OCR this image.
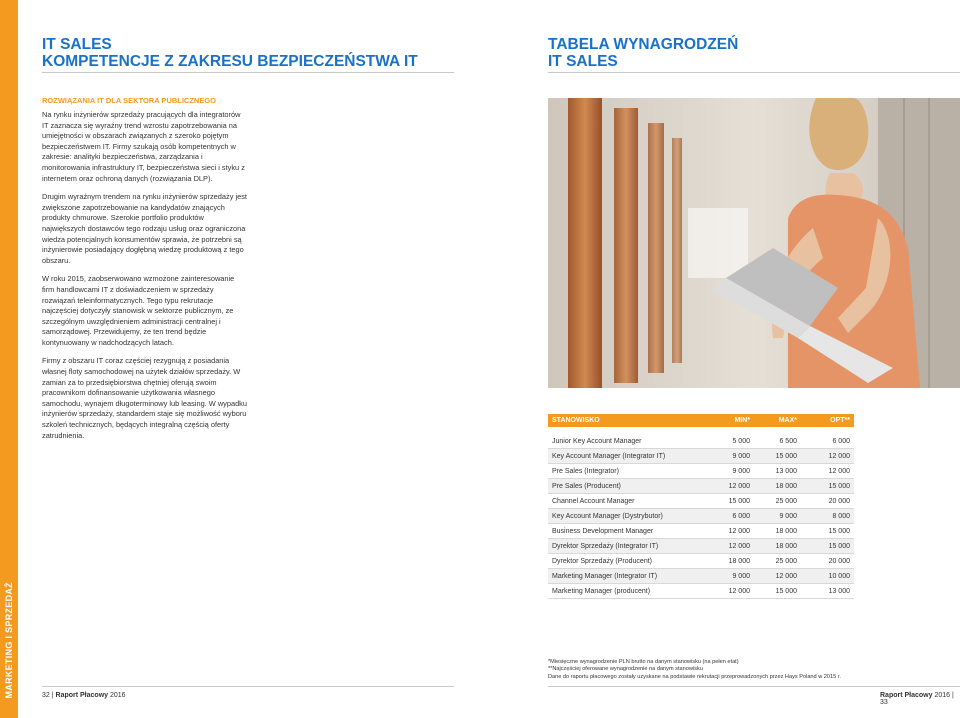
MARKETING I SPRZEDAŻ
IT SALES
KOMPETENCJE Z ZAKRESU BEZPIECZEŃSTWA IT
ROZWIĄZANIA IT DLA SEKTORA PUBLICZNEGO

Na rynku inżynierów sprzedaży pracujących dla integratorów IT zaznacza się wyraźny trend wzrostu zapotrzebowania na umiejętności w obszarach związanych z szeroko pojętym bezpieczeństwem IT. Firmy szukają osób kompetentnych w zakresie: analityki bezpieczeństwa, zarządzania i monitorowania infrastruktury IT, bezpieczeństwa sieci i styku z internetem oraz ochroną danych (rozwiązania DLP).

Drugim wyraźnym trendem na rynku inżynierów sprzedaży jest zwiększone zapotrzebowanie na kandydatów znających produkty chmurowe. Szerokie portfolio produktów największych dostawców tego rodzaju usług oraz ograniczona wiedza potencjalnych konsumentów sprawia, że potrzebni są inżynierowie posiadający dogłębną wiedzę produktową z tego obszaru.

W roku 2015, zaobserwowano wzmożone zainteresowanie firm handlowcami IT z doświadczeniem w sprzedaży rozwiązań teleinformatycznych. Tego typu rekrutacje najczęściej dotyczyły stanowisk w sektorze publicznym, ze szczególnym uwzględnieniem administracji centralnej i samorządowej. Przewidujemy, że ten trend będzie kontynuowany w nadchodzących latach.

Firmy z obszaru IT coraz częściej rezygnują z posiadania własnej floty samochodowej na użytek działów sprzedaży. W zamian za to przedsiębiorstwa chętniej oferują swoim pracownikom dofinansowanie użytkowania własnego samochodu, wynajem długoterminowy lub leasing. W wypadku inżynierów sprzedaży, standardem staje się możliwość wyboru szkoleń technicznych, będących integralną częścią oferty zatrudnienia.

TABELA WYNAGRODZEŃ
IT SALES
STANOWISKO	MIN*	MAX*	OPT**
Junior Key Account Manager	5 000	6 500	6 000
Key Account Manager (Integrator IT)	9 000	15 000	12 000
Pre Sales (Integrator)	9 000	13 000	12 000
Pre Sales (Producent)	12 000	18 000	15 000
Channel Account Manager	15 000	25 000	20 000
Key Account Manager (Dystrybutor)	6 000	9 000	8 000
Business Development Manager	12 000	18 000	15 000
Dyrektor Sprzedaży (Integrator IT)	12 000	18 000	15 000
Dyrektor Sprzedaży (Producent)	18 000	25 000	20 000
Marketing Manager (Integrator IT)	9 000	12 000	10 000
Marketing Manager (producent)	12 000	15 000	13 000
*Miesięczne wynagrodzenie PLN brutto na danym stanowisku (na pełen etat)
**Najczęściej oferowane wynagrodzenie na danym stanowisku
Dane do raportu płacowego zostały uzyskane na podstawie rekrutacji przeprowadzonych przez Hays Poland w 2015 r.
32 | Raport Płacowy 2016	Raport Płacowy 2016 | 33
